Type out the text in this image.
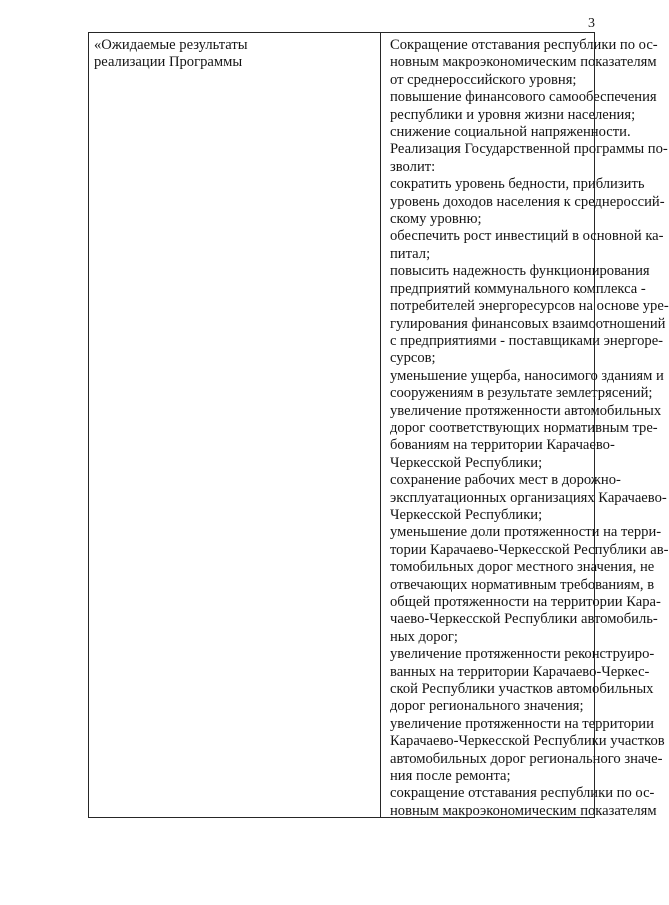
3
«Ожидаемые результаты
реализации Программы
Сокращение отставания республики по ос-
новным макроэкономическим показателям
от среднероссийского уровня;
повышение финансового самообеспечения
республики и уровня жизни населения;
снижение социальной напряженности.
Реализация Государственной программы по-
зволит:
сократить уровень бедности, приблизить
уровень доходов населения к среднероссий-
скому уровню;
обеспечить рост инвестиций в основной ка-
питал;
повысить надежность функционирования
предприятий коммунального комплекса -
потребителей энергоресурсов на основе уре-
гулирования финансовых взаимоотношений
с предприятиями - поставщиками энергоре-
сурсов;
уменьшение ущерба, наносимого зданиям и
сооружениям в результате землетрясений;
увеличение протяженности автомобильных
дорог соответствующих нормативным тре-
бованиям на территории Карачаево-
Черкесской Республики;
сохранение рабочих мест в дорожно-
эксплуатационных организациях Карачаево-
Черкесской Республики;
уменьшение доли протяженности на терри-
тории Карачаево-Черкесской Республики ав-
томобильных дорог местного значения, не
отвечающих нормативным требованиям, в
общей протяженности на территории Кара-
чаево-Черкесской Республики автомобиль-
ных дорог;
увеличение протяженности реконструиро-
ванных на территории Карачаево-Черкес-
ской Республики участков автомобильных
дорог регионального значения;
увеличение протяженности на территории
Карачаево-Черкесской Республики участков
автомобильных дорог регионального значе-
ния после ремонта;
сокращение отставания республики по ос-
новным макроэкономическим показателям
